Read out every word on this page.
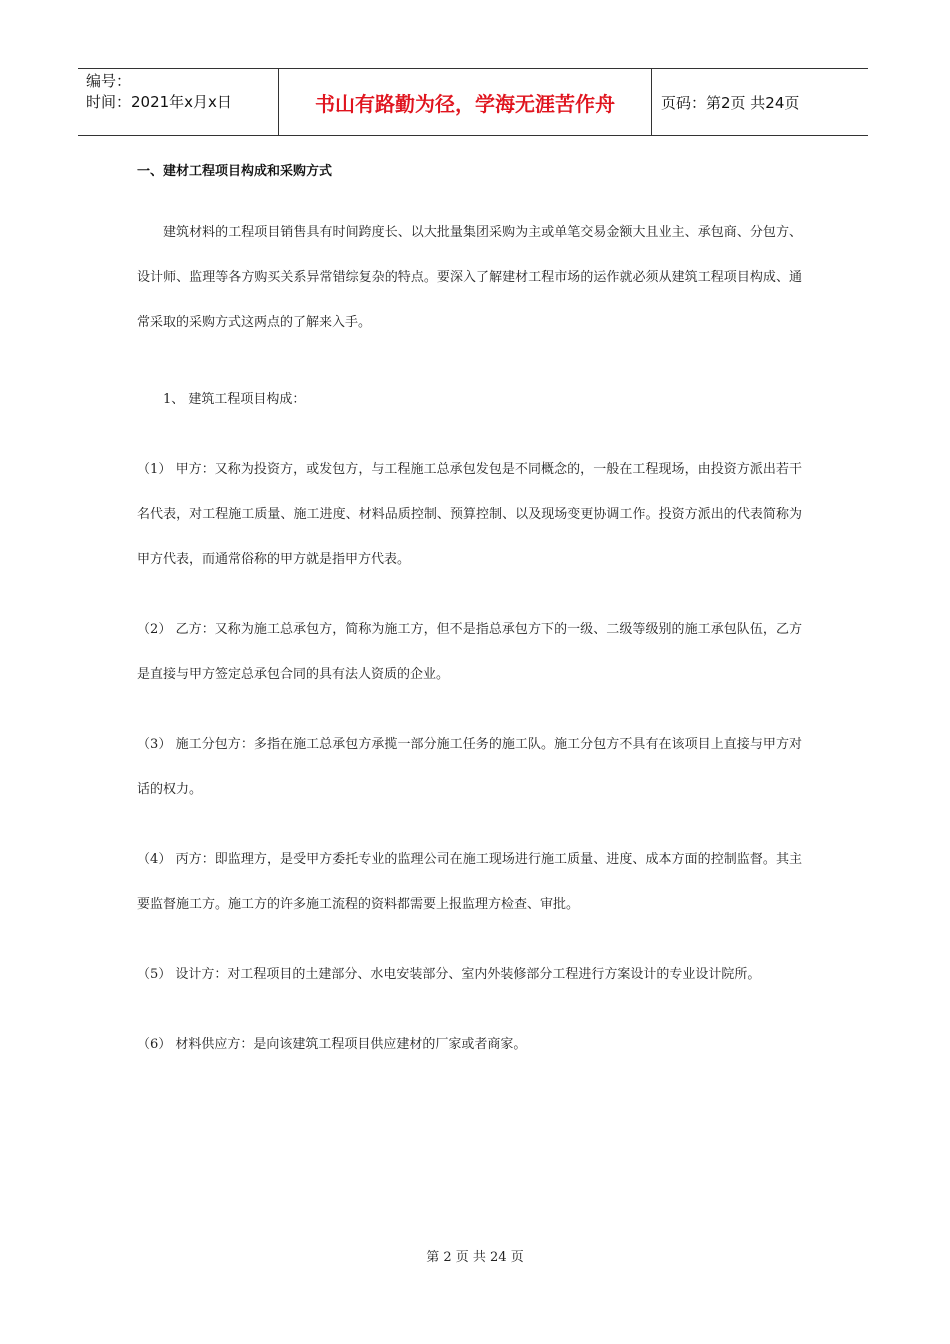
编号：
时间：2021年x月x日	书山有路勤为径，学海无涯苦作舟	页码：第2页 共24页

一、建材工程项目构成和采购方式

建筑材料的工程项目销售具有时间跨度长、以大批量集团采购为主或单笔交易金额大且业主、承包商、分包方、设计师、监理等各方购买关系异常错综复杂的特点。要深入了解建材工程市场的运作就必须从建筑工程项目构成、通常采取的采购方式这两点的了解来入手。

1、 建筑工程项目构成：

（1） 甲方：又称为投资方，或发包方，与工程施工总承包发包是不同概念的，一般在工程现场，由投资方派出若干名代表，对工程施工质量、施工进度、材料品质控制、预算控制、以及现场变更协调工作。投资方派出的代表简称为甲方代表，而通常俗称的甲方就是指甲方代表。

（2） 乙方：又称为施工总承包方，简称为施工方，但不是指总承包方下的一级、二级等级别的施工承包队伍，乙方是直接与甲方签定总承包合同的具有法人资质的企业。

（3） 施工分包方：多指在施工总承包方承揽一部分施工任务的施工队。施工分包方不具有在该项目上直接与甲方对话的权力。

（4） 丙方：即监理方，是受甲方委托专业的监理公司在施工现场进行施工质量、进度、成本方面的控制监督。其主要监督施工方。施工方的许多施工流程的资料都需要上报监理方检查、审批。

（5） 设计方：对工程项目的土建部分、水电安装部分、室内外装修部分工程进行方案设计的专业设计院所。

（6） 材料供应方：是向该建筑工程项目供应建材的厂家或者商家。

第 2 页 共 24 页
